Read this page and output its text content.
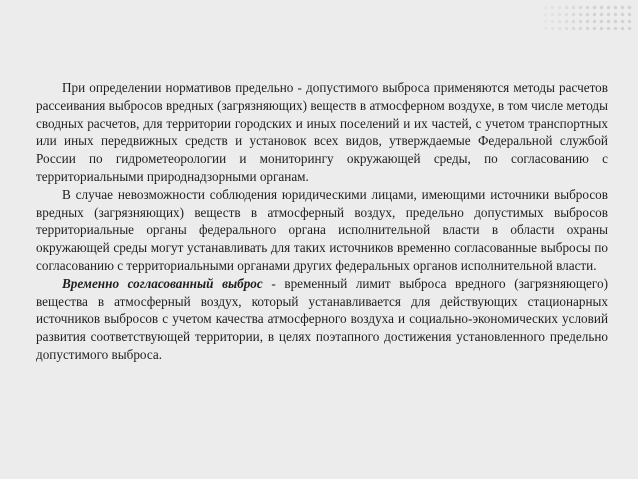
При определении нормативов предельно - допустимого выброса применяются методы расчетов рассеивания выбросов вредных (загрязняющих) веществ в атмосферном воздухе, в том числе методы сводных расчетов, для территории городских и иных поселений и их частей, с учетом транспортных или иных передвижных средств и установок всех видов, утверждаемые Федеральной службой России по гидрометеорологии и мониторингу окружающей среды, по согласованию с территориальными природнадзорными органам.

В случае невозможности соблюдения юридическими лицами, имеющими источники выбросов вредных (загрязняющих) веществ в атмосферный воздух, предельно допустимых выбросов территориальные органы федерального органа исполнительной власти в области охраны окружающей среды могут устанавливать для таких источников временно согласованные выбросы по согласованию с территориальными органами других федеральных органов исполнительной власти.

Временно согласованный выброс - временный лимит выброса вредного (загрязняющего) вещества в атмосферный воздух, который устанавливается для действующих стационарных источников выбросов с учетом качества атмосферного воздуха и социально-экономических условий развития соответствующей территории, в целях поэтапного достижения установленного предельно допустимого выброса.
